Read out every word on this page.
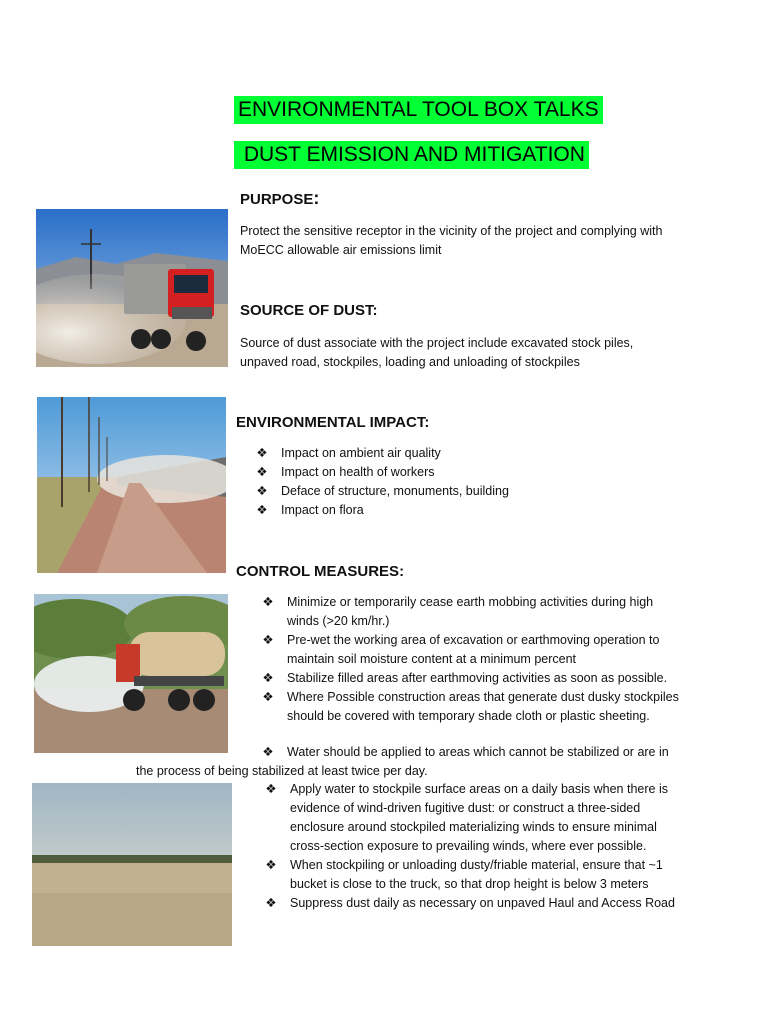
ENVIRONMENTAL TOOL BOX TALKS
DUST EMISSION AND MITIGATION
PURPOSE:
Protect the sensitive receptor in the vicinity of the project and complying with MoECC allowable air emissions limit
SOURCE OF DUST:
Source of dust associate with the project include excavated stock piles, unpaved road, stockpiles, loading and unloading of stockpiles
ENVIRONMENTAL IMPACT:
❖ Impact on ambient air quality
❖ Impact on health of workers
❖ Deface of structure, monuments, building
❖ Impact on flora
CONTROL MEASURES:
❖ Minimize or temporarily cease earth mobbing activities during high winds (>20 km/hr.)
❖ Pre-wet the working area of excavation or earthmoving operation to maintain soil moisture content at a minimum percent
❖ Stabilize filled areas after earthmoving activities as soon as possible.
❖ Where Possible construction areas that generate dust dusky stockpiles should be covered with temporary shade cloth or plastic sheeting.
❖ Water should be applied to areas which cannot be stabilized or are in
the process of being stabilized at least twice per day.
❖ Apply water to stockpile surface areas on a daily basis when there is evidence of wind-driven fugitive dust: or construct a three-sided enclosure around stockpiled materializing winds to ensure minimal cross-section exposure to prevailing winds, where ever possible.
❖ When stockpiling or unloading dusty/friable material, ensure that ~1 bucket is close to the truck, so that drop height is below 3 meters
❖ Suppress dust daily as necessary on unpaved Haul and Access Road
